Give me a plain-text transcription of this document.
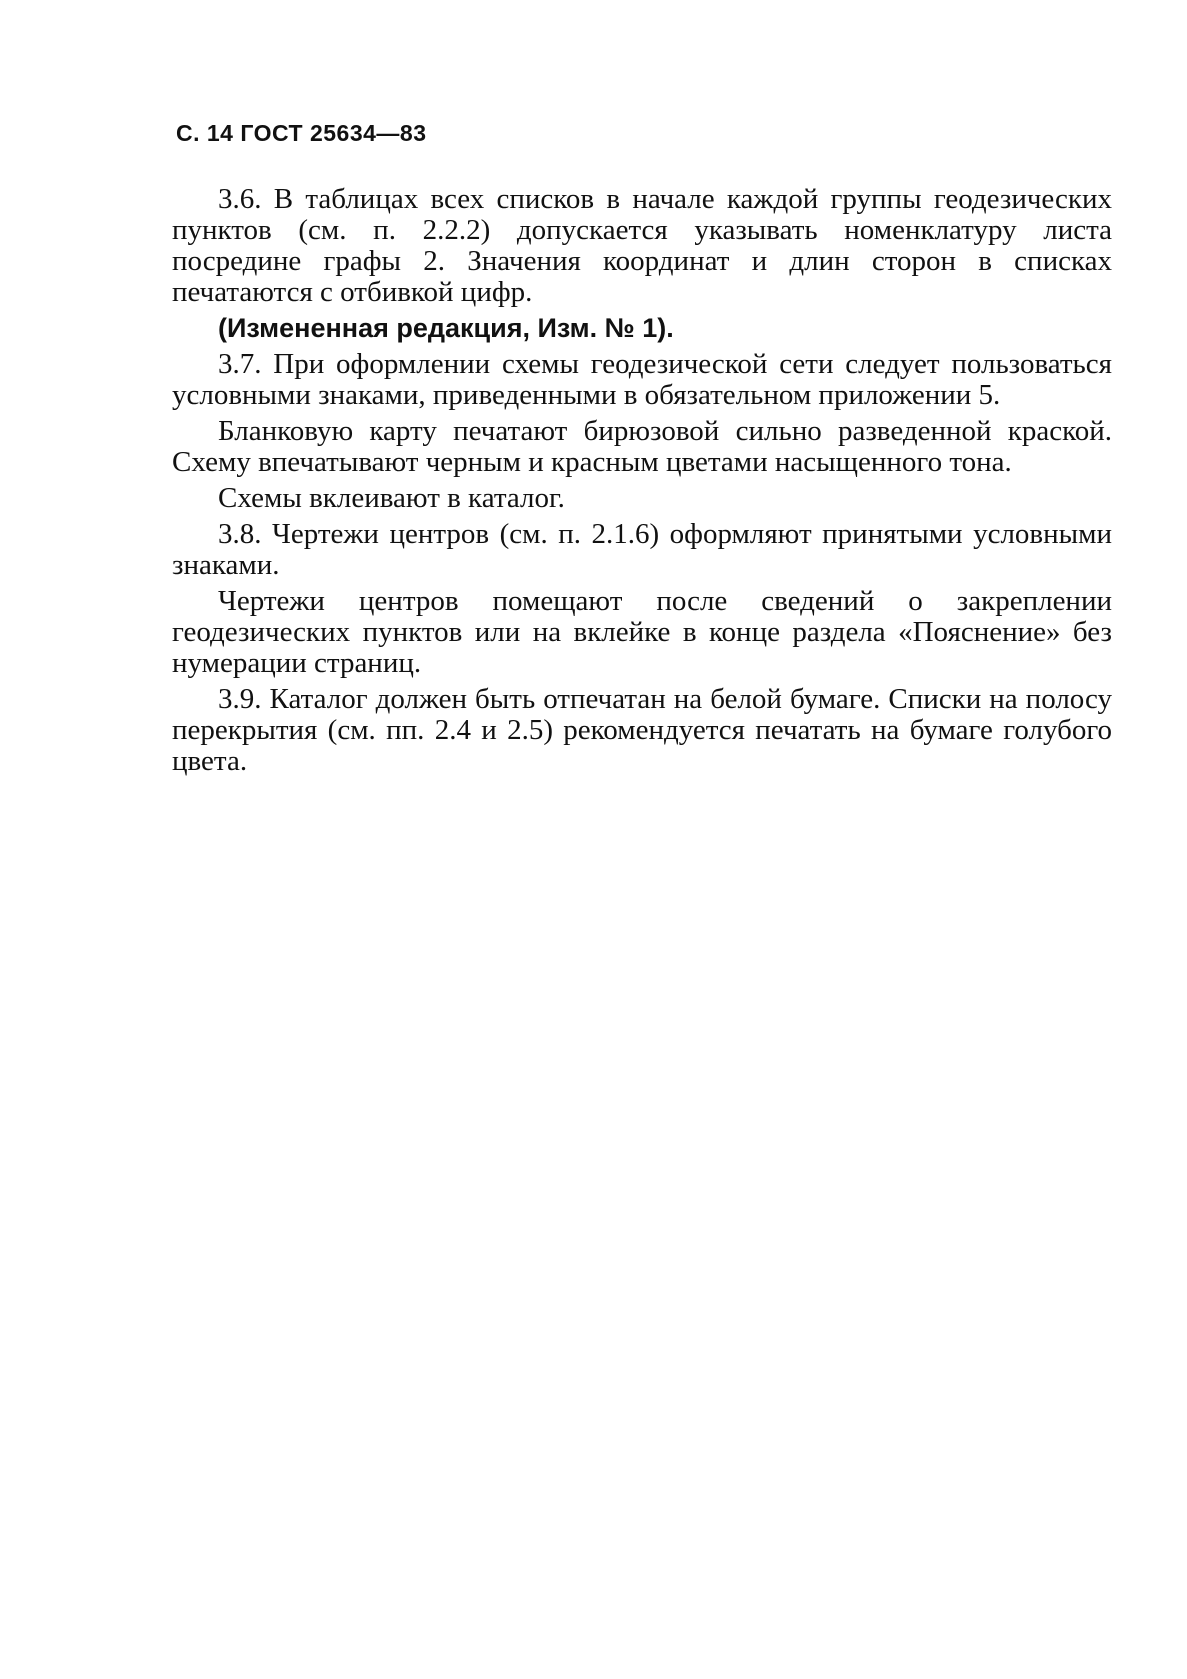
С. 14 ГОСТ 25634—83

3.6. В таблицах всех списков в начале каждой группы геодезических пунктов (см. п. 2.2.2) допускается указывать номенклатуру листа посредине графы 2. Значения координат и длин сторон в списках печатаются с отбивкой цифр.

(Измененная редакция, Изм. № 1).

3.7. При оформлении схемы геодезической сети следует пользоваться условными знаками, приведенными в обязательном приложении 5.

Бланковую карту печатают бирюзовой сильно разведенной краской. Схему впечатывают черным и красным цветами насыщенного тона.

Схемы вклеивают в каталог.

3.8. Чертежи центров (см. п. 2.1.6) оформляют принятыми условными знаками.

Чертежи центров помещают после сведений о закреплении геодезических пунктов или на вклейке в конце раздела «Пояснение» без нумерации страниц.

3.9. Каталог должен быть отпечатан на белой бумаге. Списки на полосу перекрытия (см. пп. 2.4 и 2.5) рекомендуется печатать на бумаге голубого цвета.
